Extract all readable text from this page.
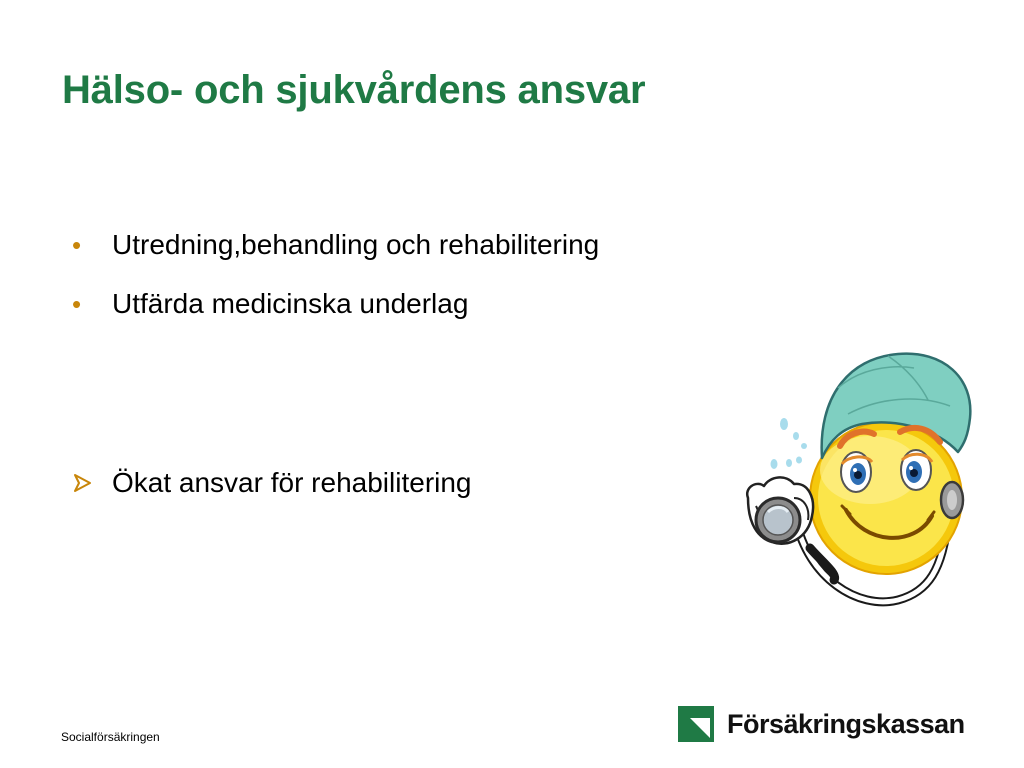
Hälso- och sjukvårdens ansvar
•	Utredning,behandling och rehabilitering
•	Utfärda medicinska underlag
Ökat ansvar för rehabilitering
Socialförsäkringen	Försäkringskassan
